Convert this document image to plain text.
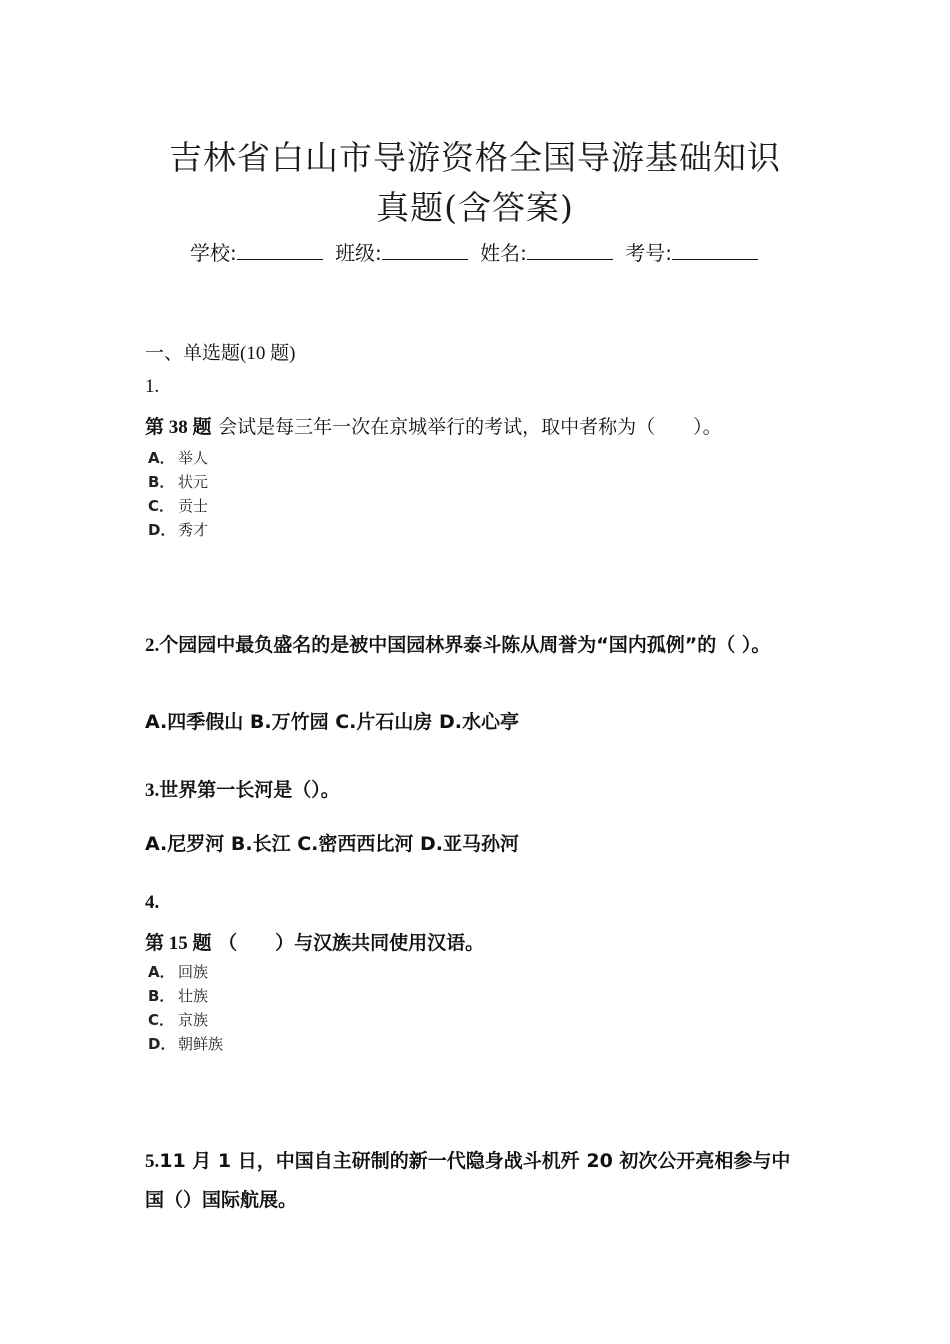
吉林省白山市导游资格全国导游基础知识
真题(含答案)
学校:	班级:	姓名:	考号:
一、单选题(10 题)
1.
第 38 题 会试是每三年一次在京城举行的考试，取中者称为（　　）。
A． 举人
B． 状元
C． 贡士
D． 秀才
2.个园园中最负盛名的是被中国园林界泰斗陈从周誉为“国内孤例”的（ ）。
A.四季假山 B.万竹园 C.片石山房 D.水心亭
3.世界第一长河是（）。
A.尼罗河 B.长江 C.密西西比河 D.亚马孙河
4.
第 15 题 （　　）与汉族共同使用汉语。
A． 回族
B． 壮族
C． 京族
D． 朝鲜族
5.11 月 1 日，中国自主研制的新一代隐身战斗机歼 20 初次公开亮相参与中国（）国际航展。
